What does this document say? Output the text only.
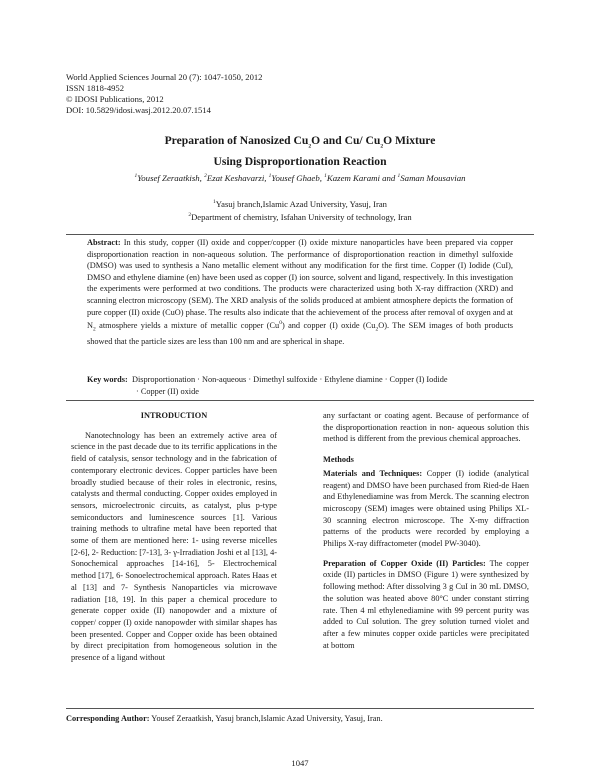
World Applied Sciences Journal 20 (7): 1047-1050, 2012
ISSN 1818-4952
© IDOSI Publications, 2012
DOI: 10.5829/idosi.wasj.2012.20.07.1514
Preparation of Nanosized $Cu_2O$ and Cu/ $Cu_2O$ Mixture
Using Disproportionation Reaction
$^1$Yousef Zeraatkish, $^2$Ezat Keshavarzi, $^1$Yousef Ghaeb, $^1$Kazem Karami and $^1$Saman Mousavian
$^1$Yasuj branch,Islamic Azad University, Yasuj, Iran
$^2$Department of chemistry, Isfahan University of technology, Iran
Abstract: In this study, copper (II) oxide and copper/copper (I) oxide mixture nanoparticles have been prepared via copper disproportionation reaction in non-aqueous solution. The performance of disproportionation reaction in dimethyl sulfoxide (DMSO) was used to synthesis a Nano metallic element without any modification for the first time. Copper (I) Iodide (CuI), DMSO and ethylene diamine (en) have been used as copper (I) ion source, solvent and ligand, respectively. In this investigation the experiments were performed at two conditions. The products were characterized using both X-ray diffraction (XRD) and scanning electron microscopy (SEM). The XRD analysis of the solids produced at ambient atmosphere depicts the formation of pure copper (II) oxide (CuO) phase. The results also indicate that the achievement of the process after removal of oxygen and at $N_2$ atmosphere yields a mixture of metallic copper (Cu$^0$) and copper (I) oxide $(Cu_2O)$. The SEM images of both products showed that the particle sizes are less than 100 nm and are spherical in shape.
Key words: Disproportionation · Non-aqueous · Dimethyl sulfoxide · Ethylene diamine · Copper (I) Iodide
· Copper (II) oxide
INTRODUCTION

Nanotechnology has been an extremely active area of science in the past decade due to its terrific applications in the field of catalysis, sensor technology and in the fabrication of contemporary electronic devices. Copper particles have been broadly studied because of their roles in electronic, resins, catalysts and thermal conducting. Copper oxides employed in sensors, microelectronic circuits, as catalyst, plus p-type semiconductors and luminescence sources [1]. Various training methods to ultrafine metal have been reported that some of them are mentioned here: 1- using reverse micelles [2-6], 2- Reduction: [7-13], 3- γ-Irradiation Joshi et al [13], 4- Sonochemical approaches [14-16], 5- Electrochemical method [17], 6- Sonoelectrochemical approach. Rates Haas et al [13] and 7- Synthesis Nanoparticles via microwave radiation [18, 19]. In this paper a chemical procedure to generate copper oxide (II) nanopowder and a mixture of copper/ copper (I) oxide nanopowder with similar shapes has been presented. Copper and Copper oxide has been obtained by direct precipitation from homogeneous solution in the presence of a ligand without

any surfactant or coating agent. Because of performance of the disproportionation reaction in non- aqueous solution this method is different from the previous chemical approaches.

Methods

Materials and Techniques: Copper (I) iodide (analytical reagent) and DMSO have been purchased from Ried-de Haen and Ethylenediamine was from Merck. The scanning electron microscopy (SEM) images were obtained using Philips XL-30 scanning electron microscope. The X-my diffraction patterns of the products were recorded by employing a Philips X-ray diffractometer (model PW-3040).

Preparation of Copper Oxide (II) Particles: The copper oxide (II) particles in DMSO (Figure 1) were synthesized by following method: After dissolving 3 g CuI in 30 mL DMSO, the solution was heated above 80°C under constant stirring rate. Then 4 ml ethylenediamine with 99 percent purity was added to CuI solution. The grey solution turned violet and after a few minutes copper oxide particles were precipitated at bottom

Corresponding Author: Yousef Zeraatkish, Yasuj branch,Islamic Azad University, Yasuj, Iran.
1047
